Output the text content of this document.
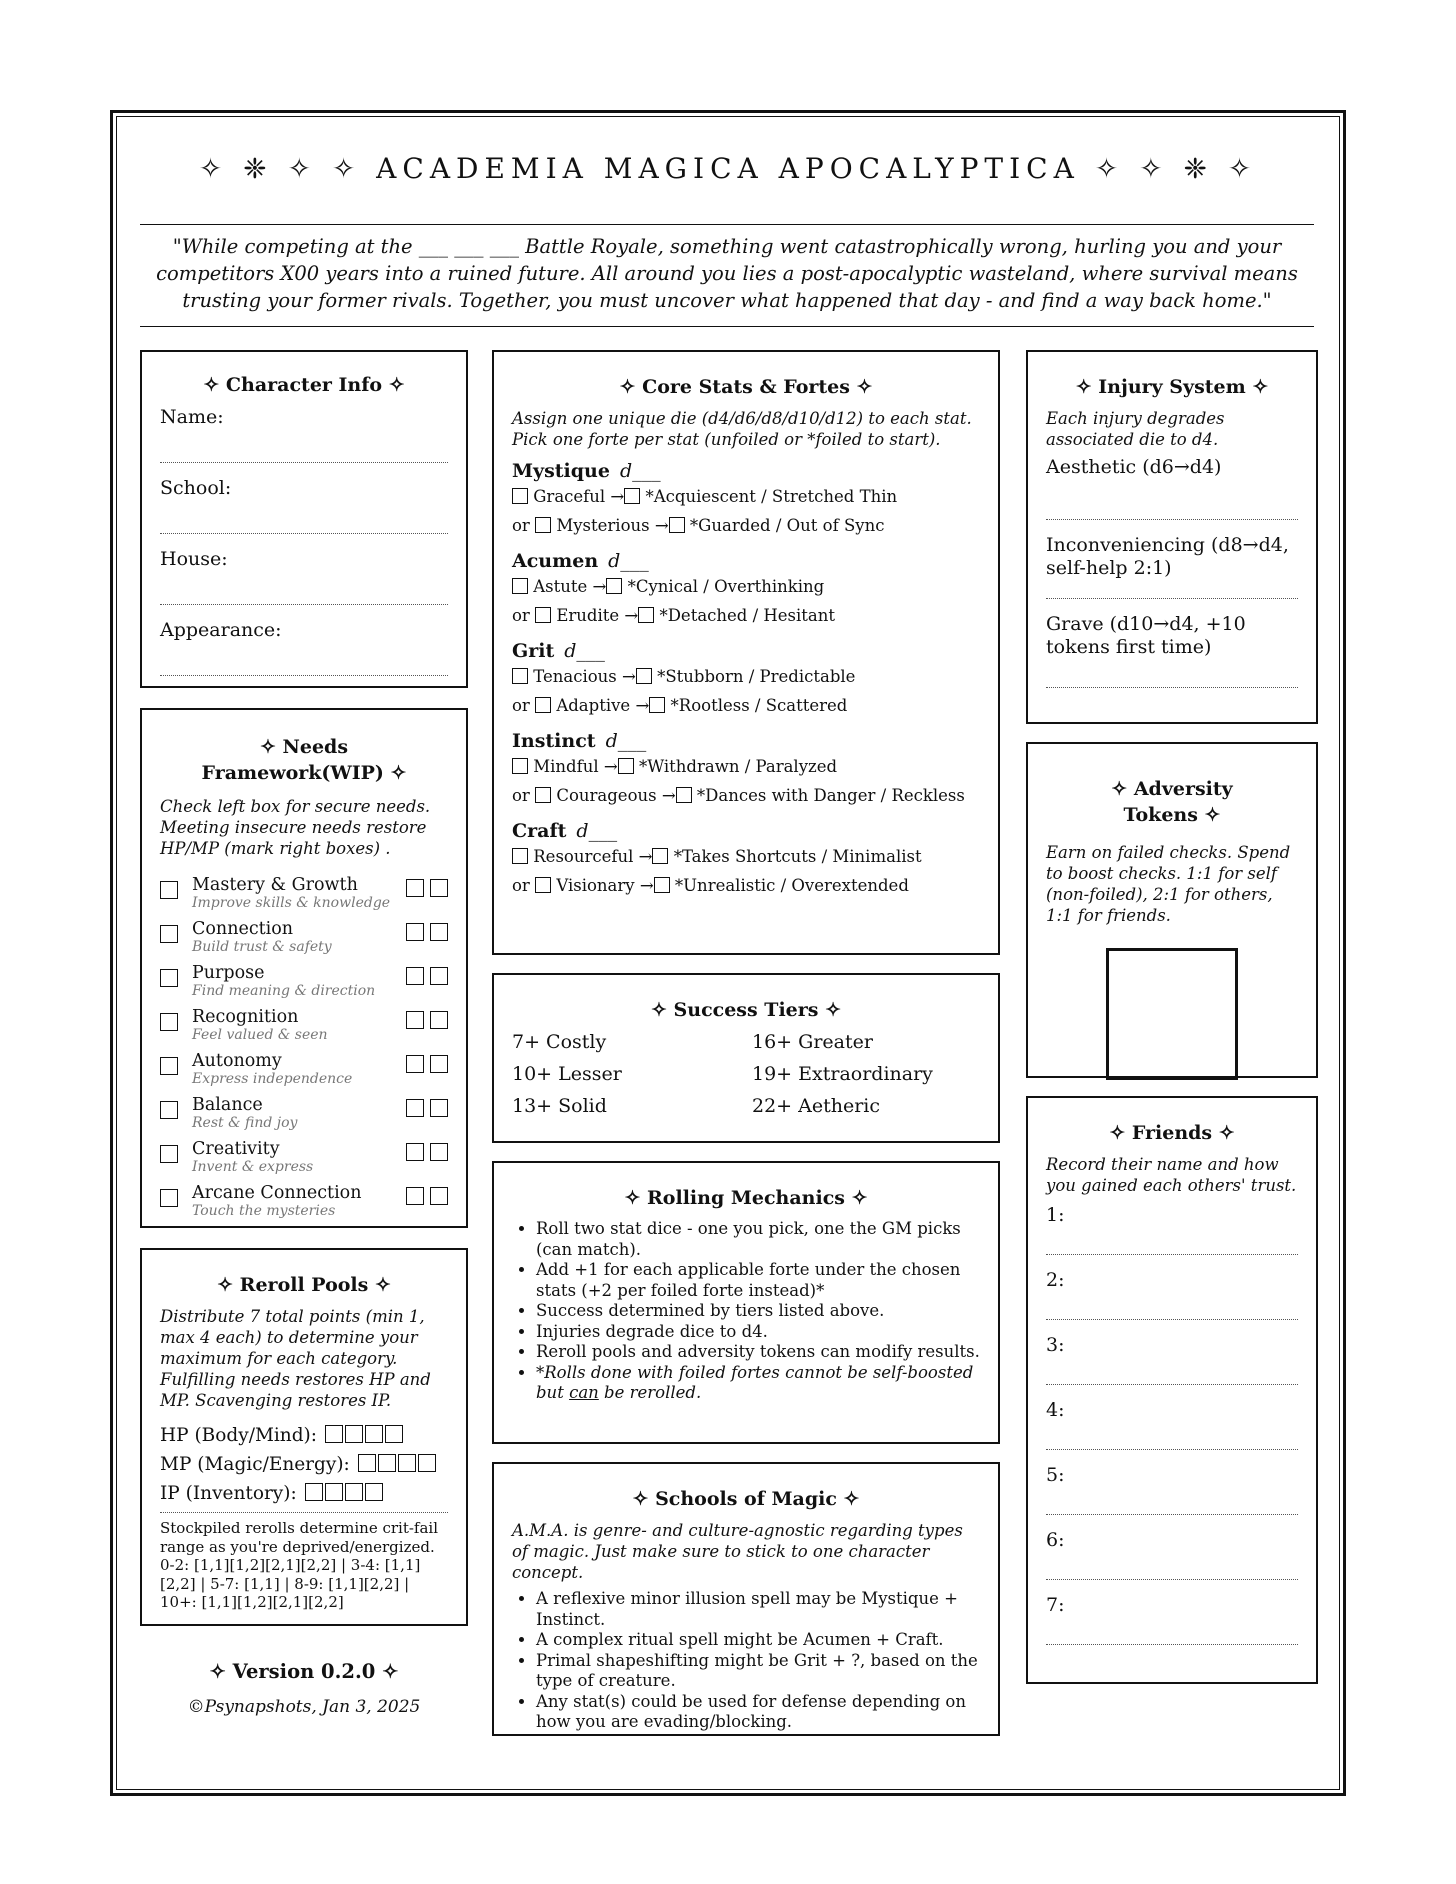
✧ ❈ ✧ ✧ ACADEMIA MAGICA APOCALYPTICA ✧ ✧ ❈ ✧
"While competing at the ___ ___ ___ Battle Royale, something went catastrophically wrong, hurling you and your competitors X00 years into a ruined future. All around you lies a post-apocalyptic wasteland, where survival means trusting your former rivals. Together, you must uncover what happened that day - and find a way back home."
✧ Character Info ✧
Name:
School:
House:
Appearance:
✧ Needs Framework(WIP) ✧

Check left box for secure needs. Meeting insecure needs restore HP/MP (mark right boxes) .

Mastery & Growth
Improve skills & knowledge
Connection
Build trust & safety
Purpose
Find meaning & direction
Recognition
Feel valued & seen
Autonomy
Express independence
Balance
Rest & find joy
Creativity
Invent & express
Arcane Connection
Touch the mysteries
✧ Reroll Pools ✧

Distribute 7 total points (min 1, max 4 each) to determine your maximum for each category. Fulfilling needs restores HP and MP. Scavenging restores IP.

HP (Body/Mind):
MP (Magic/Energy):
IP (Inventory):
Stockpiled rerolls determine crit-fail range as you're deprived/energized. 0-2: [1,1][1,2][2,1][2,2] | 3-4: [1,1][2,2] | 5-7: [1,1] | 8-9: [1,1][2,2] | 10+: [1,1][1,2][2,1][2,2]
✧ Version 0.2.0 ✧
©Psynapshots, Jan 3, 2025
✧ Core Stats & Fortes ✧

Assign one unique die (d4/d6/d8/d10/d12) to each stat. Pick one forte per stat (unfoiled or *foiled to start).

Mystique d___
Graceful → *Acquiescent / Stretched Thin
or Mysterious → *Guarded / Out of Sync
Acumen d___
Astute → *Cynical / Overthinking
or Erudite → *Detached / Hesitant
Grit d___
Tenacious → *Stubborn / Predictable
or Adaptive → *Rootless / Scattered
Instinct d___
Mindful → *Withdrawn / Paralyzed
or Courageous → *Dances with Danger / Reckless
Craft d___
Resourceful → *Takes Shortcuts / Minimalist
or Visionary → *Unrealistic / Overextended
✧ Success Tiers ✧
7+ Costly	16+ Greater
10+ Lesser	19+ Extraordinary
13+ Solid	22+ Aetheric
✧ Rolling Mechanics ✧
• Roll two stat dice - one you pick, one the GM picks (can match).
• Add +1 for each applicable forte under the chosen stats (+2 per foiled forte instead)*
• Success determined by tiers listed above.
• Injuries degrade dice to d4.
• Reroll pools and adversity tokens can modify results.
• *Rolls done with foiled fortes cannot be self-boosted but can be rerolled.
✧ Schools of Magic ✧

A.M.A. is genre- and culture-agnostic regarding types of magic. Just make sure to stick to one character concept.

• A reflexive minor illusion spell may be Mystique + Instinct.
• A complex ritual spell might be Acumen + Craft.
• Primal shapeshifting might be Grit + ?, based on the type of creature.
• Any stat(s) could be used for defense depending on how you are evading/blocking.
✧ Injury System ✧

Each injury degrades associated die to d4.

Aesthetic (d6→d4)
Inconveniencing (d8→d4, self-help 2:1)
Grave (d10→d4, +10 tokens first time)
✧ Adversity Tokens ✧

Earn on failed checks. Spend to boost checks. 1:1 for self (non-foiled), 2:1 for others, 1:1 for friends.

✧ Friends ✧

Record their name and how you gained each others' trust.

1:
2:
3:
4:
5:
6:
7:
